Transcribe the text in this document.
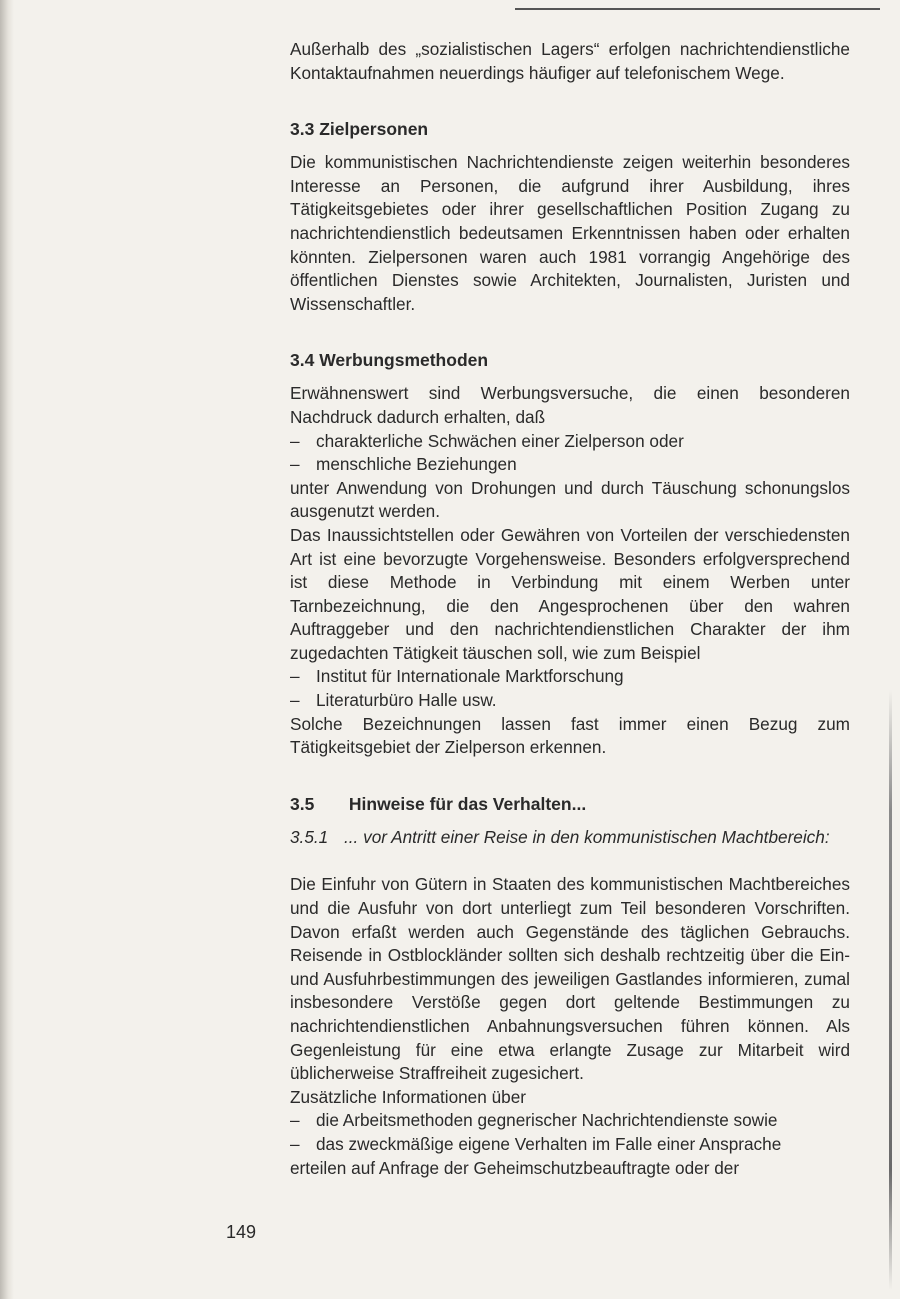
Außerhalb des „sozialistischen Lagers“ erfolgen nachrichtendienstliche Kontaktaufnahmen neuerdings häufiger auf telefonischem Wege.

3.3 Zielpersonen

Die kommunistischen Nachrichtendienste zeigen weiterhin besonderes Interesse an Personen, die aufgrund ihrer Ausbildung, ihres Tätigkeitsgebietes oder ihrer gesellschaftlichen Position Zugang zu nachrichtendienstlich bedeutsamen Erkenntnissen haben oder erhalten könnten. Zielpersonen waren auch 1981 vorrangig Angehörige des öffentlichen Dienstes sowie Architekten, Journalisten, Juristen und Wissenschaftler.

3.4 Werbungsmethoden

Erwähnenswert sind Werbungsversuche, die einen besonderen Nachdruck dadurch erhalten, daß

– charakterliche Schwächen einer Zielperson oder
– menschliche Beziehungen

unter Anwendung von Drohungen und durch Täuschung schonungslos ausgenutzt werden.

Das Inaussichtstellen oder Gewähren von Vorteilen der verschiedensten Art ist eine bevorzugte Vorgehensweise. Besonders erfolgversprechend ist diese Methode in Verbindung mit einem Werben unter Tarnbezeichnung, die den Angesprochenen über den wahren Auftraggeber und den nachrichtendienstlichen Charakter der ihm zugedachten Tätigkeit täuschen soll, wie zum Beispiel

– Institut für Internationale Marktforschung
– Literaturbüro Halle usw.

Solche Bezeichnungen lassen fast immer einen Bezug zum Tätigkeitsgebiet der Zielperson erkennen.

3.5 Hinweise für das Verhalten...
3.5.1 ... vor Antritt einer Reise in den kommunistischen Machtbereich:

Die Einfuhr von Gütern in Staaten des kommunistischen Machtbereiches und die Ausfuhr von dort unterliegt zum Teil besonderen Vorschriften. Davon erfaßt werden auch Gegenstände des täglichen Gebrauchs. Reisende in Ostblockländer sollten sich deshalb rechtzeitig über die Ein- und Ausfuhrbestimmungen des jeweiligen Gastlandes informieren, zumal insbesondere Verstöße gegen dort geltende Bestimmungen zu nachrichtendienstlichen Anbahnungsversuchen führen können. Als Gegenleistung für eine etwa erlangte Zusage zur Mitarbeit wird üblicherweise Straffreiheit zugesichert.

Zusätzliche Informationen über

– die Arbeitsmethoden gegnerischer Nachrichtendienste sowie
– das zweckmäßige eigene Verhalten im Falle einer Ansprache

erteilen auf Anfrage der Geheimschutzbeauftragte oder der

149
